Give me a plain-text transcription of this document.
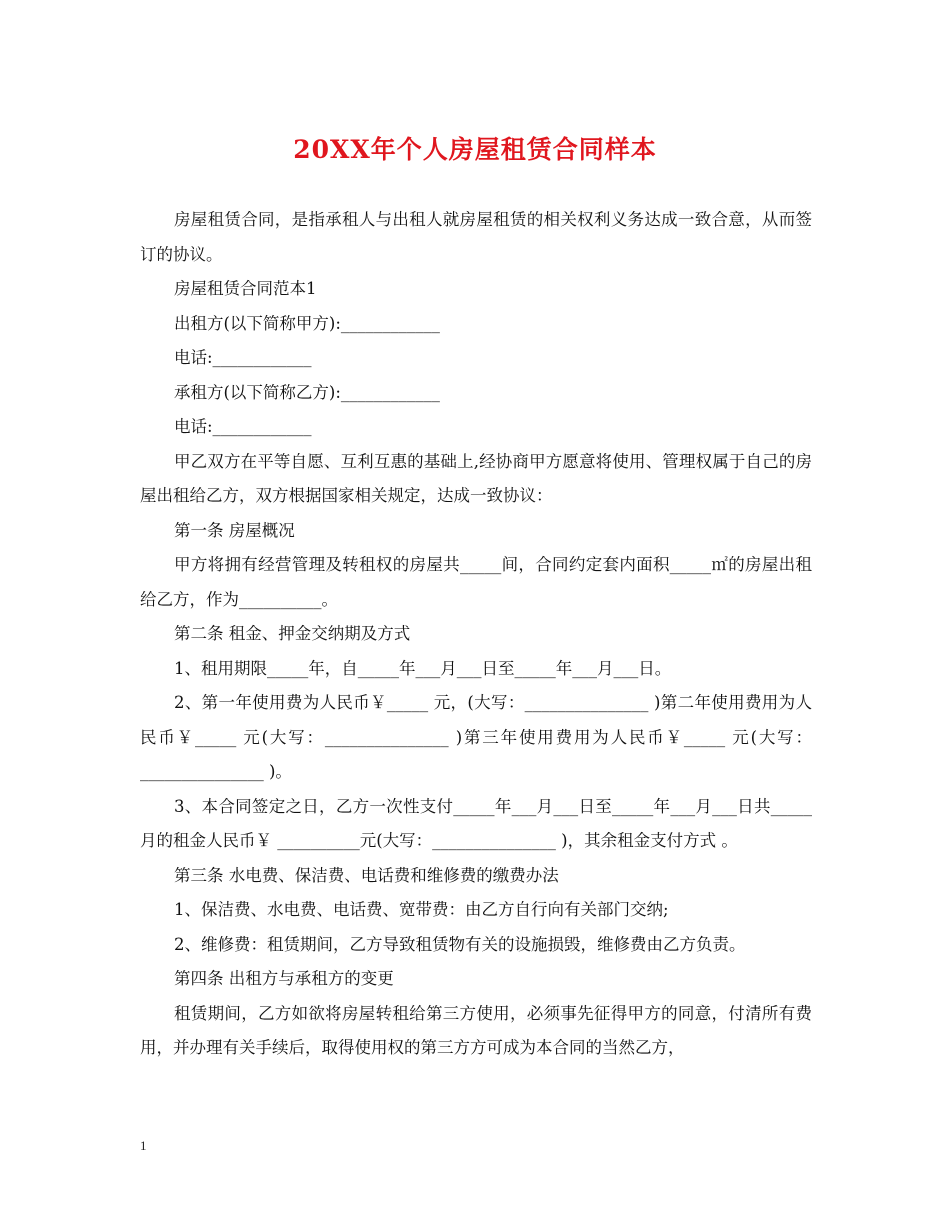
20XX年个人房屋租赁合同样本

房屋租赁合同，是指承租人与出租人就房屋租赁的相关权利义务达成一致合意，从而签订的协议。

房屋租赁合同范本1

出租方(以下简称甲方):____________

电话:____________

承租方(以下简称乙方):____________

电话:____________

甲乙双方在平等自愿、互利互惠的基础上,经协商甲方愿意将使用、管理权属于自己的房屋出租给乙方，双方根据国家相关规定，达成一致协议：

第一条 房屋概况

甲方将拥有经营管理及转租权的房屋共_____间，合同约定套内面积_____㎡的房屋出租给乙方，作为__________。

第二条 租金、押金交纳期及方式

1、租用期限_____年，自_____年___月___日至_____年___月___日。

2、第一年使用费为人民币￥_____ 元，(大写：_______________ )第二年使用费用为人民币￥_____ 元(大写：_______________ )第三年使用费用为人民币￥_____ 元(大写：_______________ )。

3、本合同签定之日，乙方一次性支付_____年___月___日至_____年___月___日共_____月的租金人民币￥ __________元(大写：_______________ )，其余租金支付方式 。

第三条 水电费、保洁费、电话费和维修费的缴费办法

1、保洁费、水电费、电话费、宽带费：由乙方自行向有关部门交纳;

2、维修费：租赁期间，乙方导致租赁物有关的设施损毁，维修费由乙方负责。

第四条 出租方与承租方的变更

租赁期间，乙方如欲将房屋转租给第三方使用，必须事先征得甲方的同意，付清所有费用，并办理有关手续后，取得使用权的第三方方可成为本合同的当然乙方，

1
